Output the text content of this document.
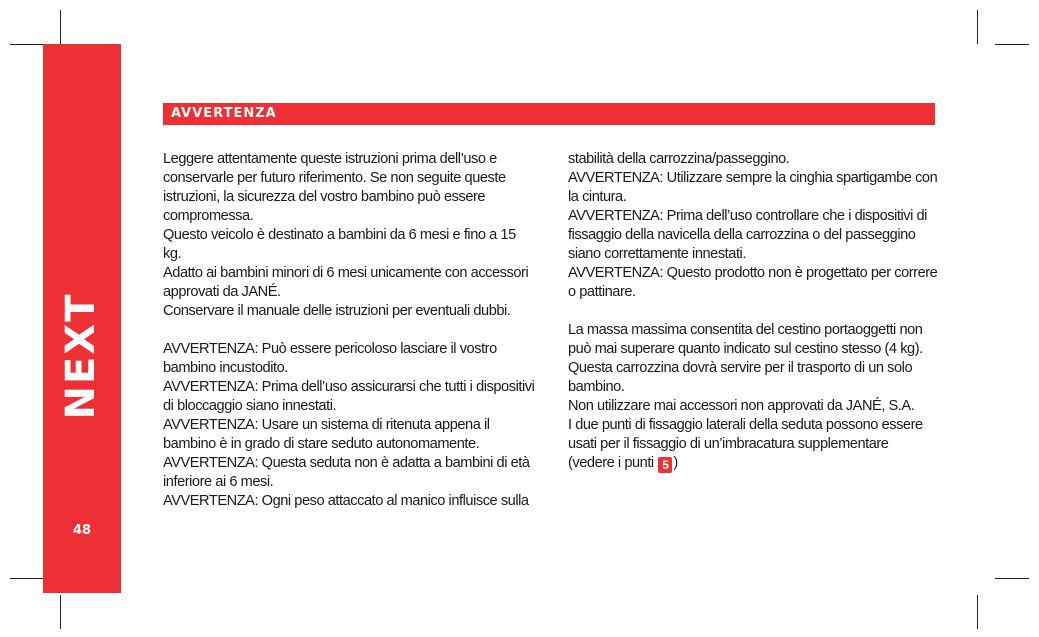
NEXT
48
AVVERTENZA

Leggere attentamente queste istruzioni prima dell’uso e conservarle per futuro riferimento. Se non seguite queste istruzioni, la sicurezza del vostro bambino può essere compromessa.

Questo veicolo è destinato a bambini da 6 mesi e fino a 15 kg.

Adatto ai bambini minori di 6 mesi unicamente con accessori approvati da JANÉ.

Conservare il manuale delle istruzioni per eventuali dubbi.

AVVERTENZA: Può essere pericoloso lasciare il vostro bambino incustodito.

AVVERTENZA: Prima dell’uso assicurarsi che tutti i dispositivi di bloccaggio siano innestati.

AVVERTENZA: Usare un sistema di ritenuta appena il bambino è in grado di stare seduto autonomamente.

AVVERTENZA: Questa seduta non è adatta a bambini di età inferiore ai 6 mesi.

AVVERTENZA: Ogni peso attaccato al manico influisce sulla

stabilità della carrozzina/passeggino.

AVVERTENZA: Utilizzare sempre la cinghia spartigambe con la cintura.

AVVERTENZA: Prima dell’uso controllare che i dispositivi di fissaggio della navicella della carrozzina o del passeggino siano correttamente innestati.

AVVERTENZA: Questo prodotto non è progettato per correre o pattinare.

La massa massima consentita del cestino portaoggetti non può mai superare quanto indicato sul cestino stesso (4 kg).

Questa carrozzina dovrà servire per il trasporto di un solo bambino.

Non utilizzare mai accessori non approvati da JANÉ, S.A.

I due punti di fissaggio laterali della seduta possono essere usati per il fissaggio di un’imbracatura supplementare

(vedere i punti 5 )
